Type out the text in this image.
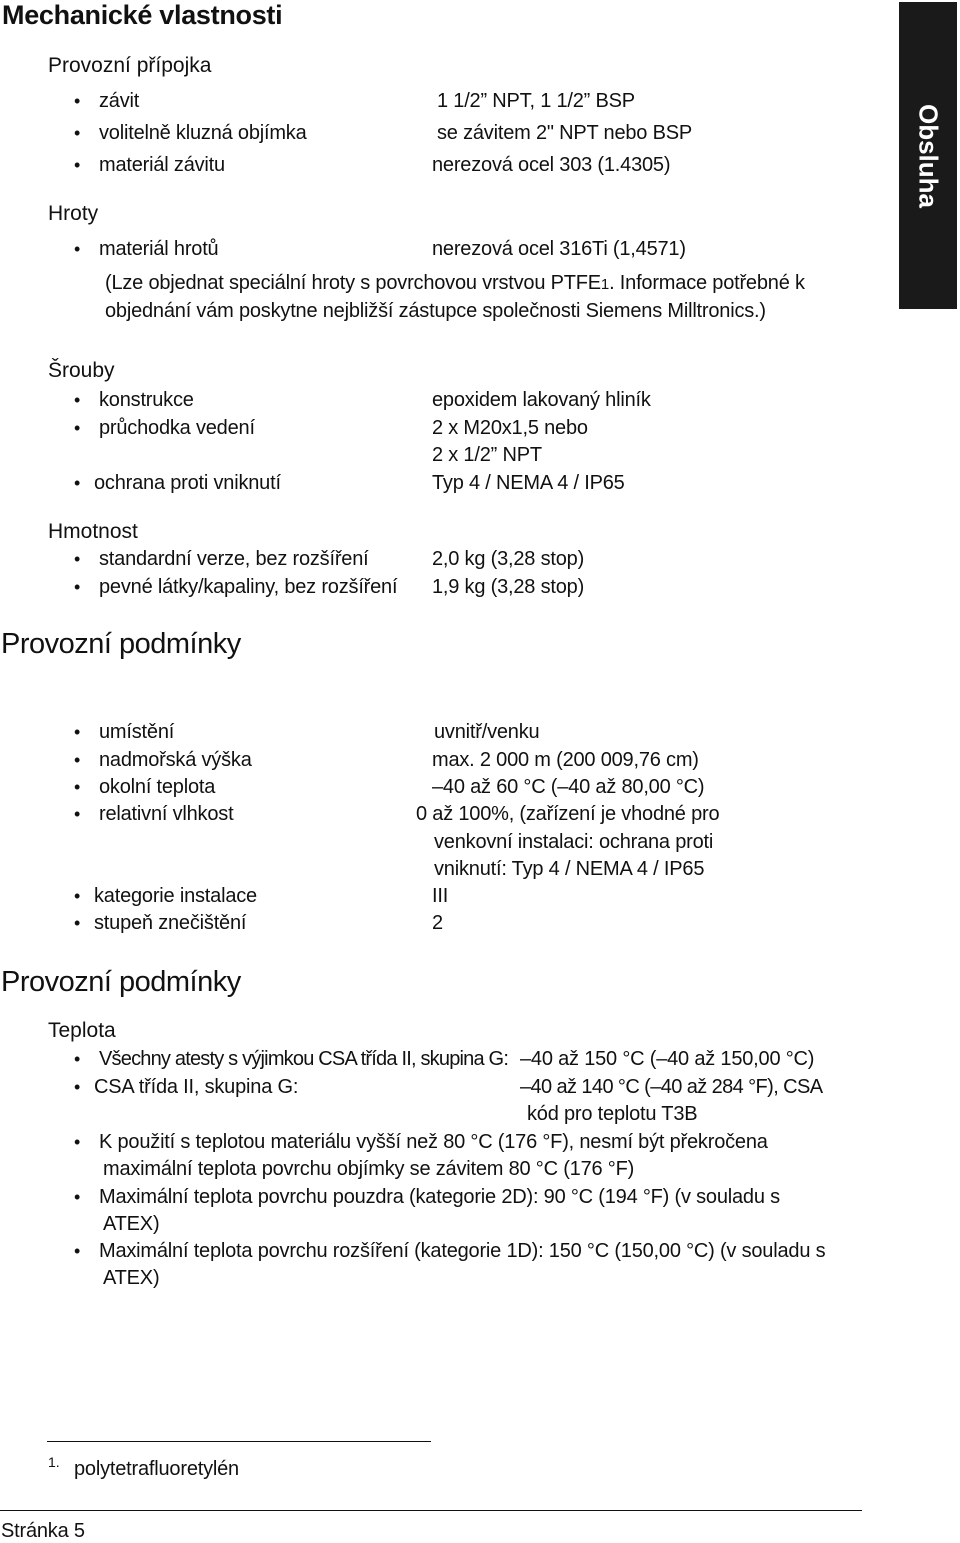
Obsluha
Mechanické vlastnosti
Provozní přípojka
• závit	1 1/2” NPT, 1 1/2” BSP
• volitelně kluzná objímka	se závitem 2" NPT nebo BSP
• materiál závitu	nerezová ocel 303 (1.4305)
Hroty
• materiál hrotů	nerezová ocel 316Ti (1,4571)
(Lze objednat speciální hroty s povrchovou vrstvou PTFE1. Informace potřebné k
objednání vám poskytne nejbližší zástupce společnosti Siemens Milltronics.)
Šrouby
• konstrukce	epoxidem lakovaný hliník
• průchodka vedení	2 x M20x1,5 nebo
2 x 1/2” NPT
• ochrana proti vniknutí	Typ 4 / NEMA 4 / IP65
Hmotnost
• standardní verze, bez rozšíření	2,0 kg (3,28 stop)
• pevné látky/kapaliny, bez rozšíření 1,9 kg (3,28 stop)
Provozní podmínky
• umístění	uvnitř/venku
• nadmořská výška	max. 2 000 m (200 009,76 cm)
• okolní teplota	–40 až 60 °C (–40 až 80,00 °C)
• relativní vlhkost	0 až 100%, (zařízení je vhodné pro
venkovní instalaci: ochrana proti
vniknutí: Typ 4 / NEMA 4 / IP65
• kategorie instalace	III
• stupeň znečištění	2
Provozní podmínky
Teplota
• Všechny atesty s výjimkou CSA třída II, skupina G: –40 až 150 °C (–40 až 150,00 °C)
• CSA třída II, skupina G:	–40 až 140 °C (–40 až 284 °F), CSA
kód pro teplotu T3B
• K použití s teplotou materiálu vyšší než 80 °C (176 °F), nesmí být překročena
maximální teplota povrchu objímky se závitem 80 °C (176 °F)
• Maximální teplota povrchu pouzdra (kategorie 2D): 90 °C (194 °F) (v souladu s
ATEX)
• Maximální teplota povrchu rozšíření (kategorie 1D): 150 °C (150,00 °C) (v souladu s
ATEX)
1. polytetrafluoretylén
Stránka 5
